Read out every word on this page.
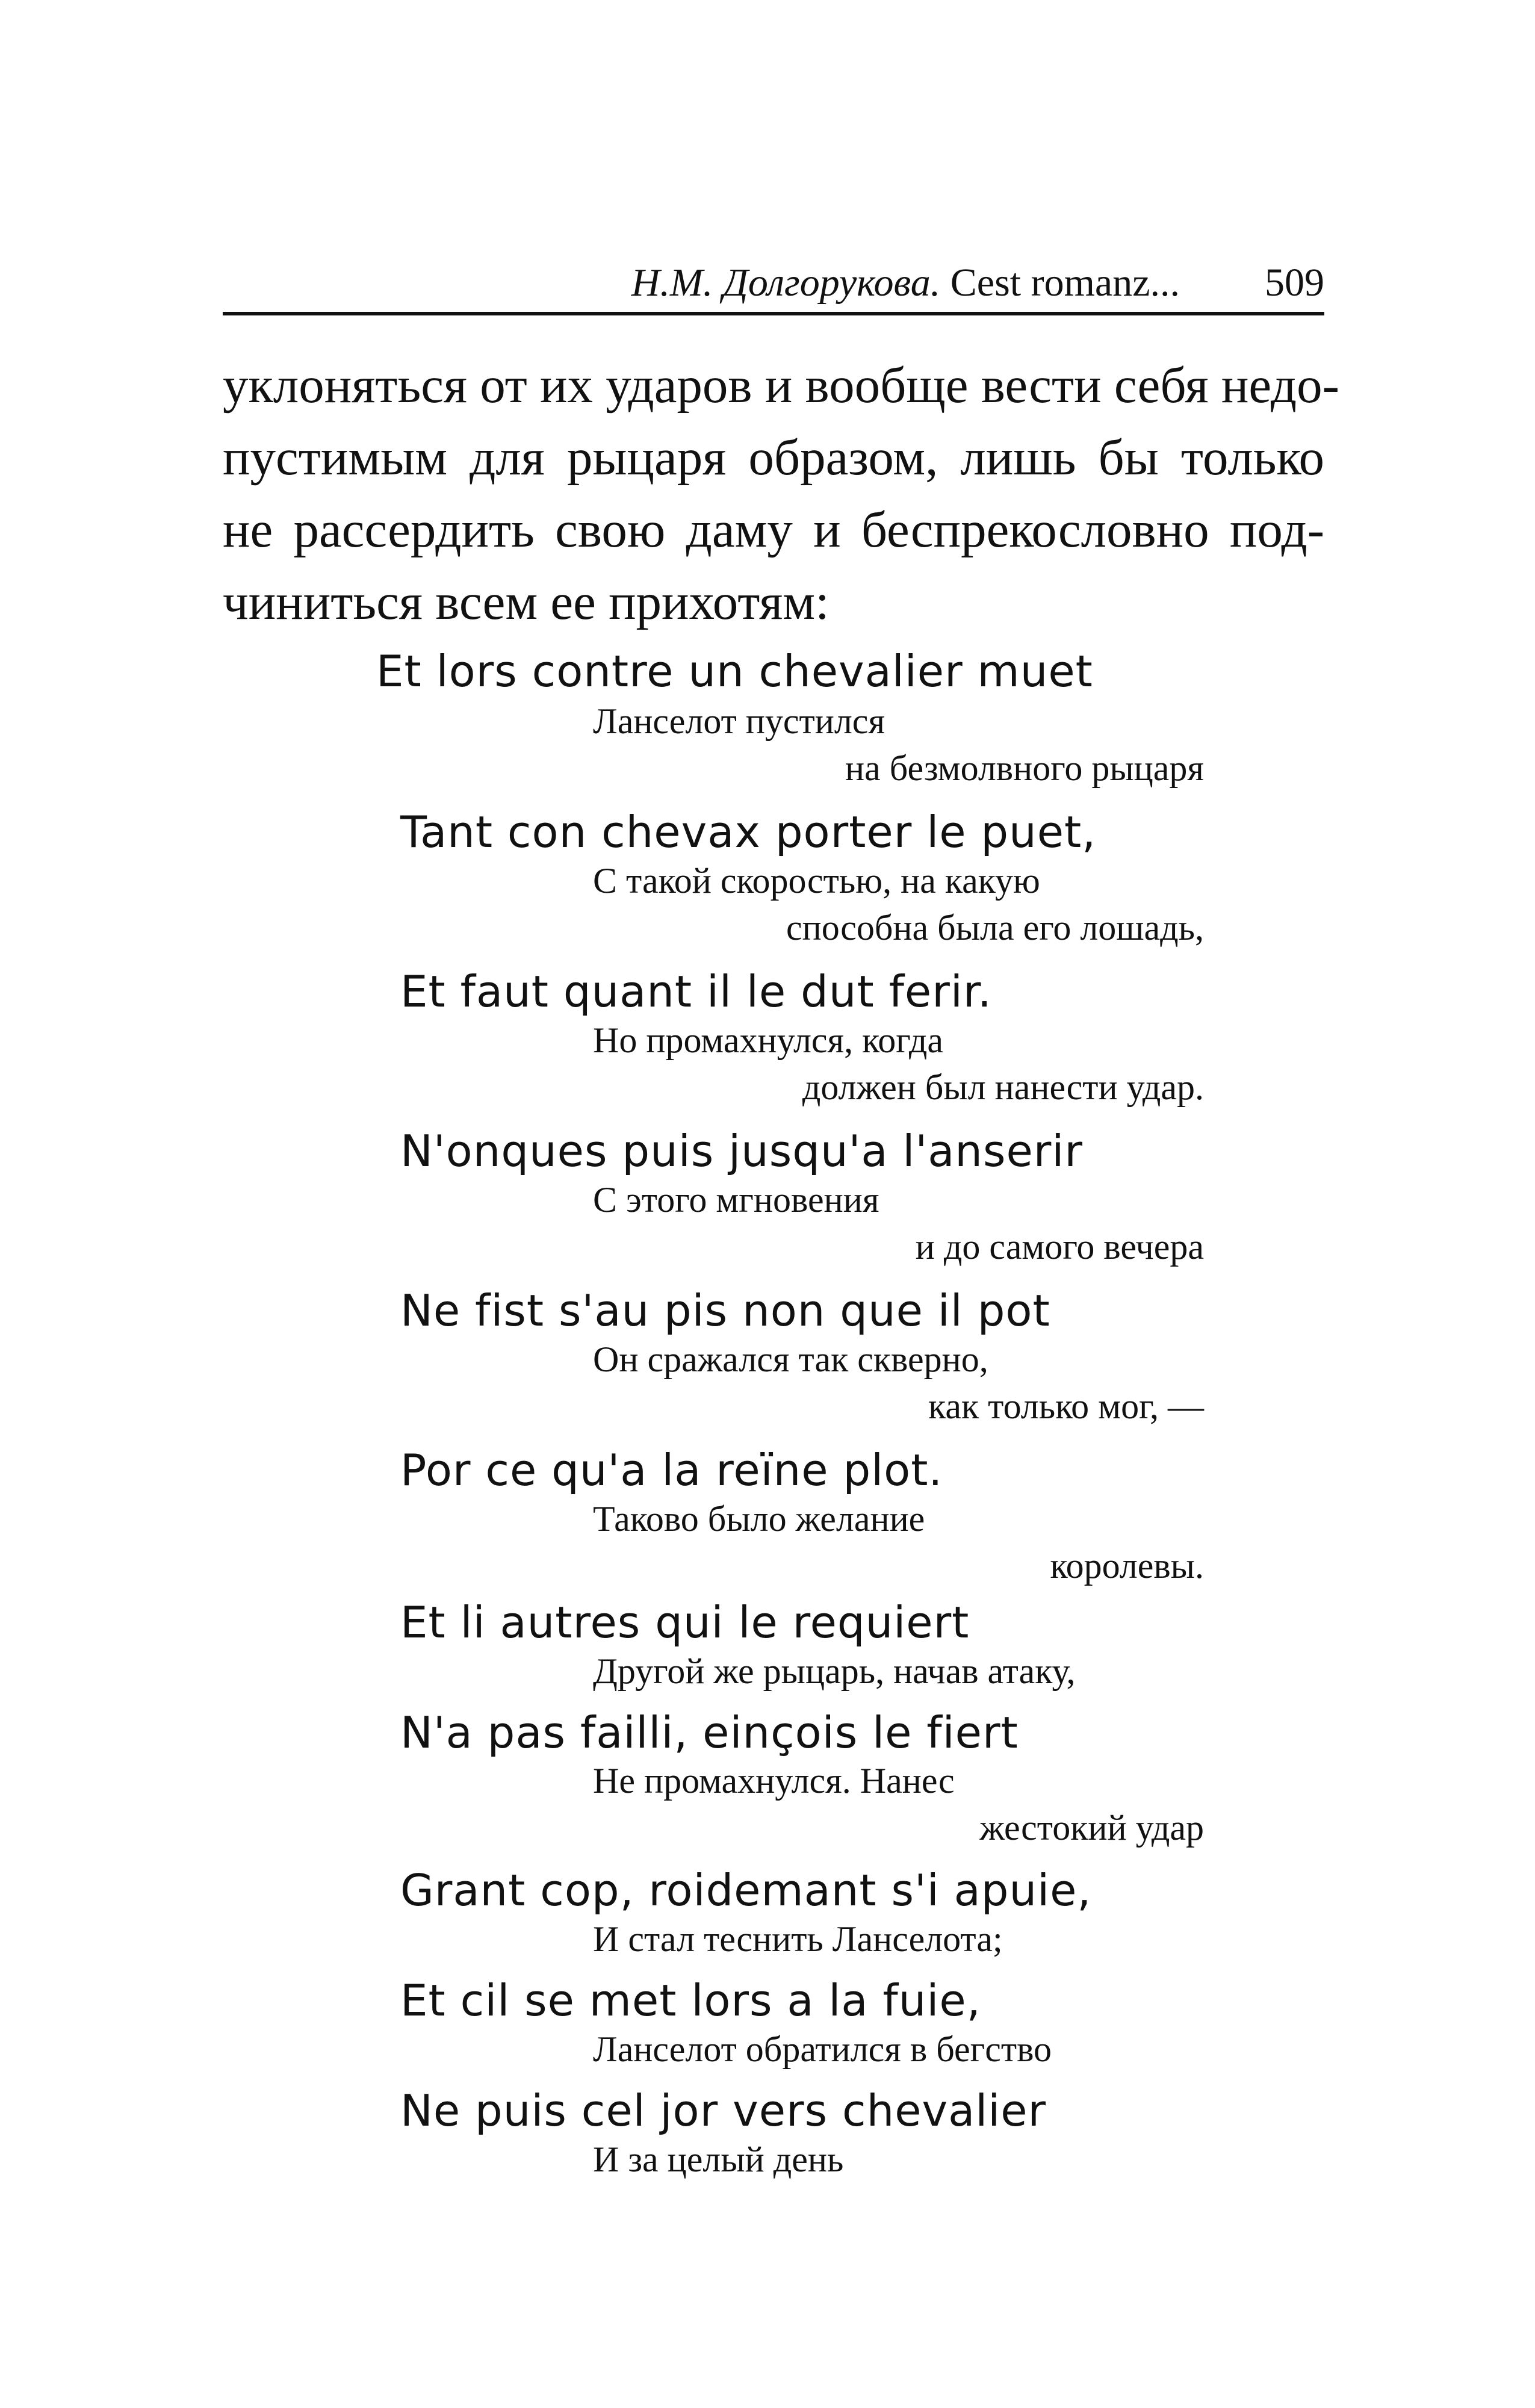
Н.М. Долгорукова. Cest romanz... 509
уклоняться от их ударов и вообще вести себя недо-
пустимым для рыцаря образом, лишь бы только
не рассердить свою даму и беспрекословно под-
чиниться всем ее прихотям:
Et lors contre un chevalier muet
Ланселот пустился
на безмолвного рыцаря
Tant con chevax porter le puet,
С такой скоростью, на какую
способна была его лошадь,
Et faut quant il le dut ferir.
Но промахнулся, когда
должен был нанести удар.
N'onques puis jusqu'a l'anserir
С этого мгновения
и до самого вечера
Ne fist s'au pis non que il pot
Он сражался так скверно,
как только мог, —
Por ce qu'a la reïne plot.
Таково было желание
королевы.
Et li autres qui le requiert
Другой же рыцарь, начав атаку,
N'a pas failli, einçois le fiert
Не промахнулся. Нанес
жестокий удар
Grant cop, roidemant s'i apuie,
И стал теснить Ланселота;
Et cil se met lors a la fuie,
Ланселот обратился в бегство
Ne puis cel jor vers chevalier
И за целый день
